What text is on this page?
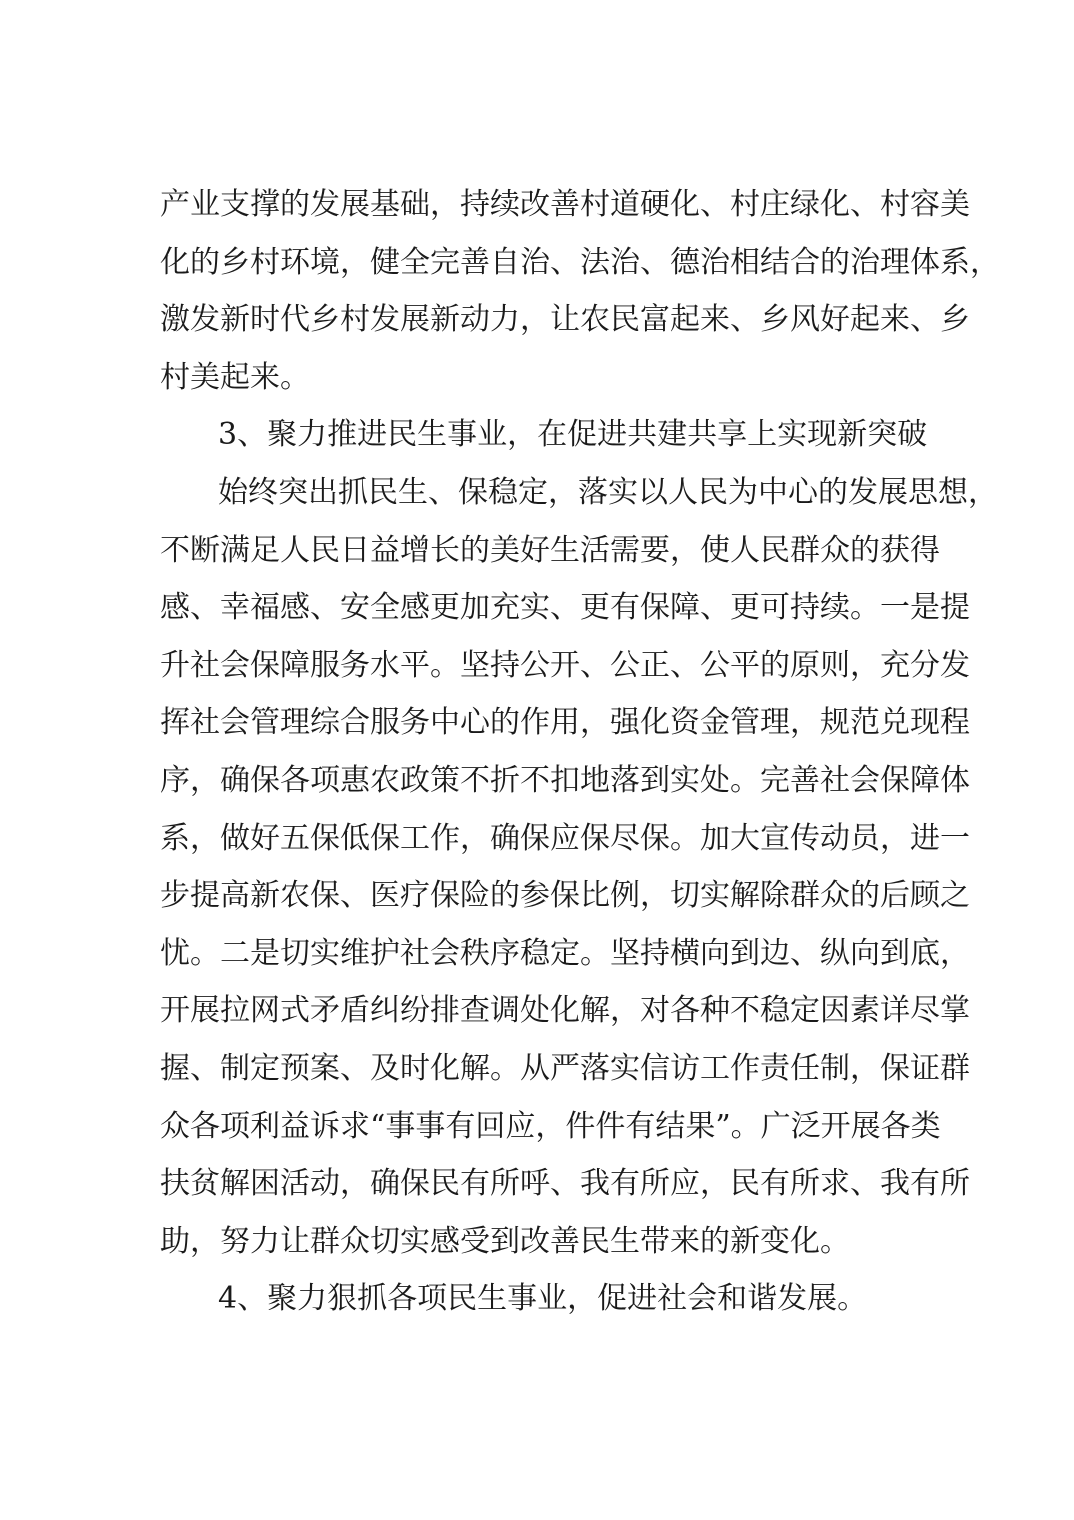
产业支撑的发展基础，持续改善村道硬化、村庄绿化、村容美
化的乡村环境，健全完善自治、法治、德治相结合的治理体系，
激发新时代乡村发展新动力，让农民富起来、乡风好起来、乡
村美起来。
3、聚力推进民生事业，在促进共建共享上实现新突破
始终突出抓民生、保稳定，落实以人民为中心的发展思想，
不断满足人民日益增长的美好生活需要，使人民群众的获得
感、幸福感、安全感更加充实、更有保障、更可持续。一是提
升社会保障服务水平。坚持公开、公正、公平的原则，充分发
挥社会管理综合服务中心的作用，强化资金管理，规范兑现程
序，确保各项惠农政策不折不扣地落到实处。完善社会保障体
系，做好五保低保工作，确保应保尽保。加大宣传动员，进一
步提高新农保、医疗保险的参保比例，切实解除群众的后顾之
忧。二是切实维护社会秩序稳定。坚持横向到边、纵向到底，
开展拉网式矛盾纠纷排查调处化解，对各种不稳定因素详尽掌
握、制定预案、及时化解。从严落实信访工作责任制，保证群
众各项利益诉求“事事有回应，件件有结果”。广泛开展各类
扶贫解困活动，确保民有所呼、我有所应，民有所求、我有所
助，努力让群众切实感受到改善民生带来的新变化。
4、聚力狠抓各项民生事业，促进社会和谐发展。
